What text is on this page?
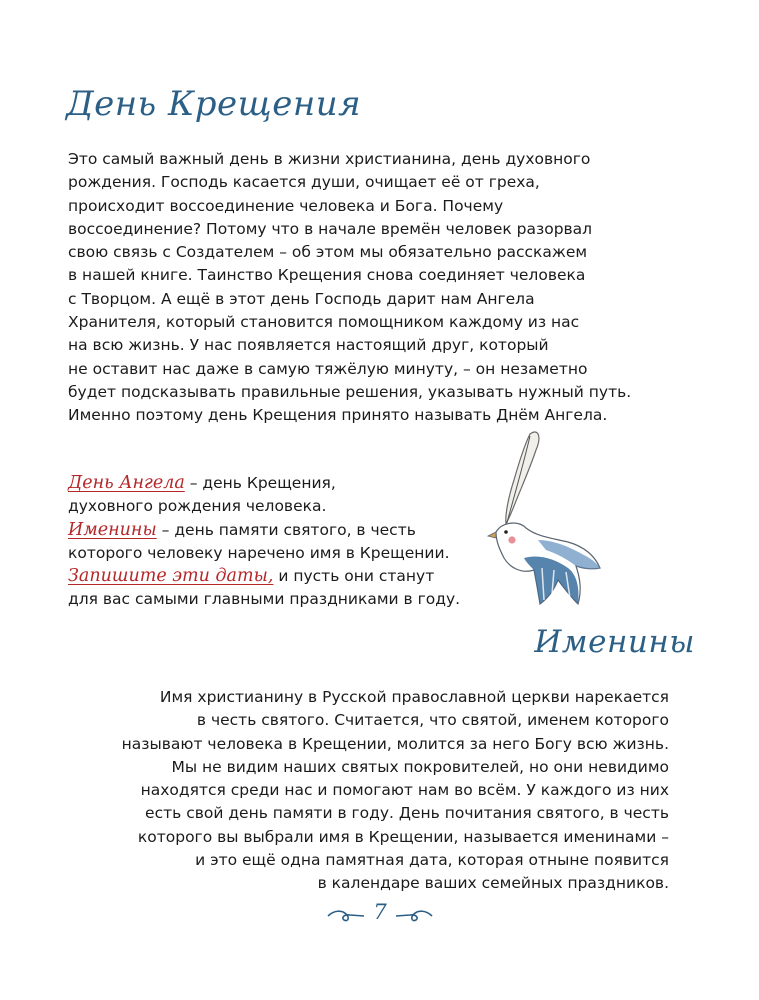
День Крещения
Это самый важный день в жизни христианина, день духовного
рождения. Господь касается души, очищает её от греха,
происходит воссоединение человека и Бога. Почему
воссоединение? Потому что в начале времён человек разорвал
свою связь с Создателем – об этом мы обязательно расскажем
в нашей книге. Таинство Крещения снова соединяет человека
с Творцом. А ещё в этот день Господь дарит нам Ангела
Хранителя, который становится помощником каждому из нас
на всю жизнь. У нас появляется настоящий друг, который
не оставит нас даже в самую тяжёлую минуту, – он незаметно
будет подсказывать правильные решения, указывать нужный путь.
Именно поэтому день Крещения принято называть Днём Ангела.
День Ангела – день Крещения,
духовного рождения человека.
Именины – день памяти святого, в честь
которого человеку наречено имя в Крещении.
Запишите эти даты, и пусть они станут
для вас самыми главными праздниками в году.
Именины
Имя христианину в Русской православной церкви нарекается
в честь святого. Считается, что святой, именем которого
называют человека в Крещении, молится за него Богу всю жизнь.
Мы не видим наших святых покровителей, но они невидимо
находятся среди нас и помогают нам во всём. У каждого из них
есть свой день памяти в году. День почитания святого, в честь
которого вы выбрали имя в Крещении, называется именинами –
и это ещё одна памятная дата, которая отныне появится
в календаре ваших семейных праздников.
7
